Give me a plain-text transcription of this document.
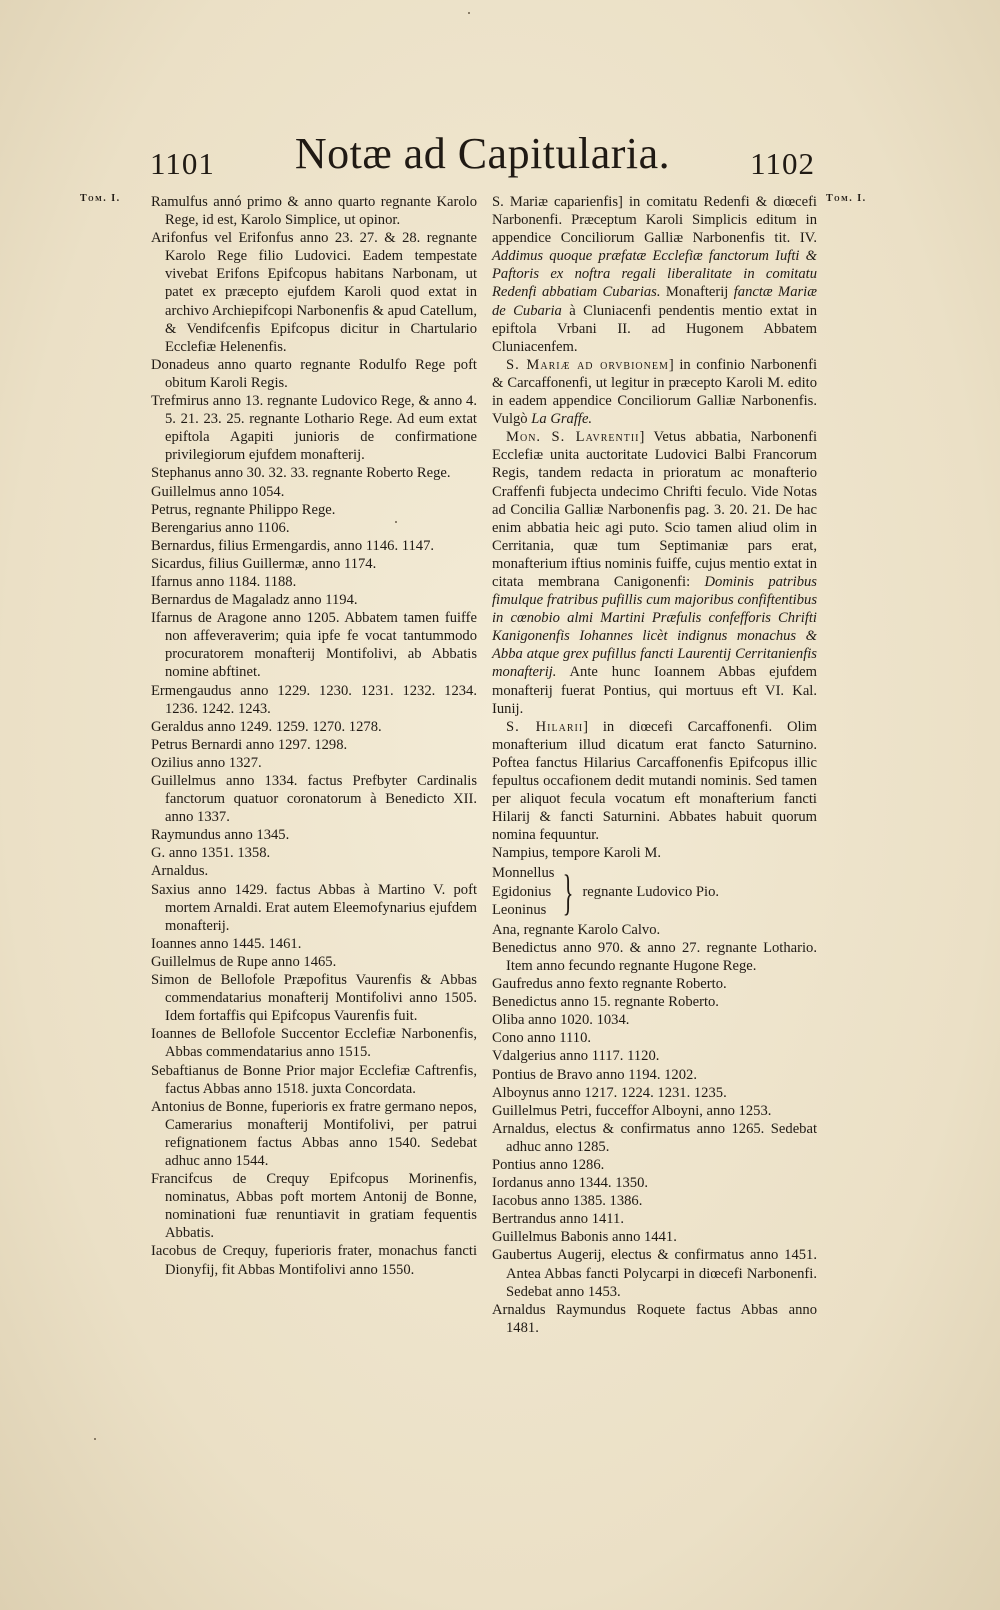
1101	Notæ ad Capitularia.	1102
Tom. I.	Tom. I.

Ramulfus annó primo & anno quarto regnante Karolo Rege, id est, Karolo Simplice, ut opinor.

Arifonfus vel Erifonfus anno 23. 27. & 28. regnante Karolo Rege filio Ludovici. Eadem tempestate vivebat Erifons Epifcopus habitans Narbonam, ut patet ex præcepto ejufdem Karoli quod extat in archivo Archiepifcopi Narbonenfis & apud Catellum, & Vendifcenfis Epifcopus dicitur in Chartulario Ecclefiæ Helenenfis.

Donadeus anno quarto regnante Rodulfo Rege poft obitum Karoli Regis.

Trefmirus anno 13. regnante Ludovico Rege, & anno 4. 5. 21. 23. 25. regnante Lothario Rege. Ad eum extat epiftola Agapiti junioris de confirmatione privilegiorum ejufdem monafterij.

Stephanus anno 30. 32. 33. regnante Roberto Rege.

Guillelmus anno 1054.

Petrus, regnante Philippo Rege.

Berengarius anno 1106.

Bernardus, filius Ermengardis, anno 1146. 1147.

Sicardus, filius Guillermæ, anno 1174.

Ifarnus anno 1184. 1188.

Bernardus de Magaladz anno 1194.

Ifarnus de Aragone anno 1205. Abbatem tamen fuiffe non affeveraverim; quia ipfe fe vocat tantummodo procuratorem monafterij Montifolivi, ab Abbatis nomine abftinet.

Ermengaudus anno 1229. 1230. 1231. 1232. 1234. 1236. 1242. 1243.

Geraldus anno 1249. 1259. 1270. 1278.

Petrus Bernardi anno 1297. 1298.

Ozilius anno 1327.

Guillelmus anno 1334. factus Prefbyter Cardinalis fanctorum quatuor coronatorum à Benedicto XII. anno 1337.

Raymundus anno 1345.

G. anno 1351. 1358.

Arnaldus.

Saxius anno 1429. factus Abbas à Martino V. poft mortem Arnaldi. Erat autem Eleemofynarius ejufdem monafterij.

Ioannes anno 1445. 1461.

Guillelmus de Rupe anno 1465.

Simon de Bellofole Præpofitus Vaurenfis & Abbas commendatarius monafterij Montifolivi anno 1505. Idem fortaffis qui Epifcopus Vaurenfis fuit.

Ioannes de Bellofole Succentor Ecclefiæ Narbonenfis, Abbas commendatarius anno 1515.

Sebaftianus de Bonne Prior major Ecclefiæ Caftrenfis, factus Abbas anno 1518. juxta Concordata.

Antonius de Bonne, fuperioris ex fratre germano nepos, Camerarius monafterij Montifolivi, per patrui refignationem factus Abbas anno 1540. Sedebat adhuc anno 1544.

Francifcus de Crequy Epifcopus Morinenfis, nominatus, Abbas poft mortem Antonij de Bonne, nominationi fuæ renuntiavit in gratiam fequentis Abbatis.

Iacobus de Crequy, fuperioris frater, monachus fancti Dionyfij, fit Abbas Montifolivi anno 1550.

S. Mariæ caparienfis] in comitatu Redenfi & diœcefi Narbonenfi. Præceptum Karoli Simplicis editum in appendice Conciliorum Galliæ Narbonenfis tit. IV. Addimus quoque præfatæ Ecclefiæ fanctorum Iufti & Paftoris ex noftra regali liberalitate in comitatu Redenfi abbatiam Cubarias. Monafterij fanctæ Mariæ de Cubaria à Cluniacenfi pendentis mentio extat in epiftola Vrbani II. ad Hugonem Abbatem Cluniacenfem.

S. Mariæ ad orvbionem] in confinio Narbonenfi & Carcaffonenfi, ut legitur in præcepto Karoli M. edito in eadem appendice Conciliorum Galliæ Narbonenfis. Vulgò La Graffe.

Mon. S. Lavrentii] Vetus abbatia, Narbonenfi Ecclefiæ unita auctoritate Ludovici Balbi Francorum Regis, tandem redacta in prioratum ac monafterio Craffenfi fubjecta undecimo Chrifti feculo. Vide Notas ad Concilia Galliæ Narbonenfis pag. 3. 20. 21. De hac enim abbatia heic agi puto. Scio tamen aliud olim in Cerritania, quæ tum Septimaniæ pars erat, monafterium iftius nominis fuiffe, cujus mentio extat in citata membrana Canigonenfi: Dominis patribus fimulque fratribus pufillis cum majoribus confiftentibus in cœnobio almi Martini Præfulis confefforis Chrifti Kanigonenfis Iohannes licèt indignus monachus & Abba atque grex pufillus fancti Laurentij Cerritanienfis monafterij. Ante hunc Ioannem Abbas ejufdem monafterij fuerat Pontius, qui mortuus eft VI. Kal. Iunij.

S. Hilarii] in diœcefi Carcaffonenfi. Olim monafterium illud dicatum erat fancto Saturnino. Poftea fanctus Hilarius Carcaffonenfis Epifcopus illic fepultus occafionem dedit mutandi nominis. Sed tamen per aliquot fecula vocatum eft monafterium fancti Hilarij & fancti Saturnini. Abbates habuit quorum nomina fequuntur.

Nampius, tempore Karoli M.

Monnellus
Egidonius
Leoninus } regnante Ludovico Pio.

Ana, regnante Karolo Calvo.

Benedictus anno 970. & anno 27. regnante Lothario. Item anno fecundo regnante Hugone Rege.

Gaufredus anno fexto regnante Roberto.

Benedictus anno 15. regnante Roberto.

Oliba anno 1020. 1034.

Cono anno 1110.

Vdalgerius anno 1117. 1120.

Pontius de Bravo anno 1194. 1202.

Alboynus anno 1217. 1224. 1231. 1235.

Guillelmus Petri, fucceffor Alboyni, anno 1253.

Arnaldus, electus & confirmatus anno 1265. Sedebat adhuc anno 1285.

Pontius anno 1286.

Iordanus anno 1344. 1350.

Iacobus anno 1385. 1386.

Bertrandus anno 1411.

Guillelmus Babonis anno 1441.

Gaubertus Augerij, electus & confirmatus anno 1451. Antea Abbas fancti Polycarpi in diœcefi Narbonenfi. Sedebat anno 1453.

Arnaldus Raymundus Roquete factus Abbas anno 1481.
